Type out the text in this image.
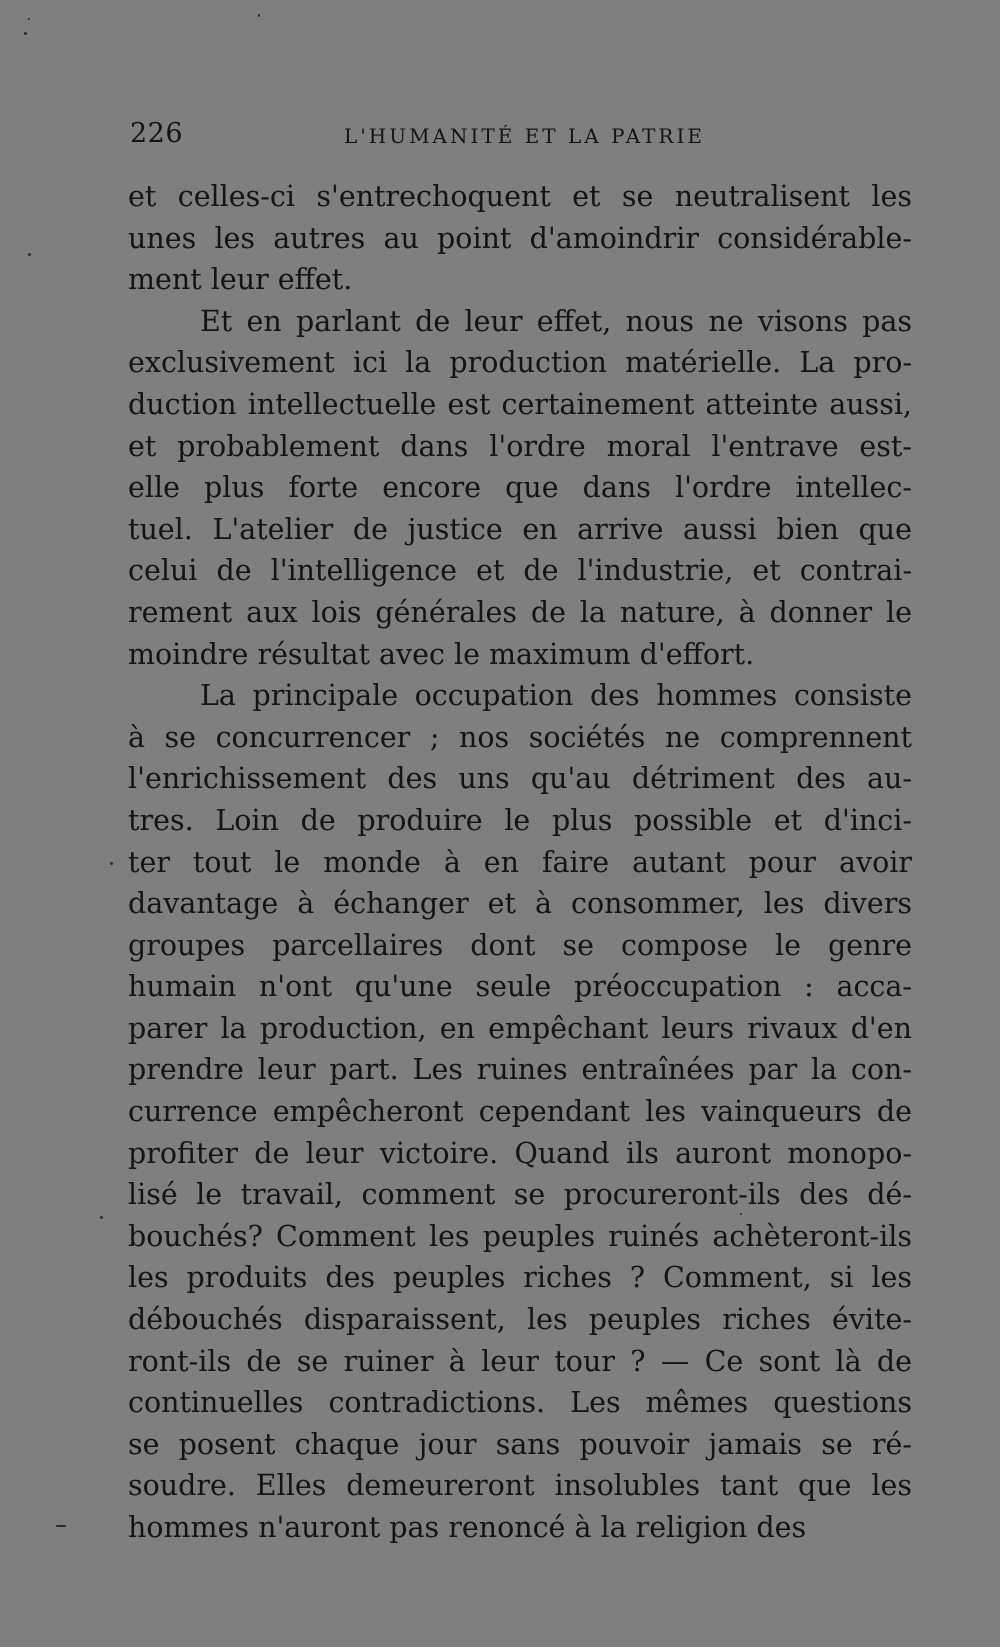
226	L'HUMANITÉ ET LA PATRIE
et celles-ci s'entrechoquent et se neutralisent les
unes les autres au point d'amoindrir considérable-
ment leur effet.
Et en parlant de leur effet, nous ne visons pas
exclusivement ici la production matérielle. La pro-
duction intellectuelle est certainement atteinte aussi,
et probablement dans l'ordre moral l'entrave est-
elle plus forte encore que dans l'ordre intellec-
tuel. L'atelier de justice en arrive aussi bien que
celui de l'intelligence et de l'industrie, et contrai-
rement aux lois générales de la nature, à donner le
moindre résultat avec le maximum d'effort.
La principale occupation des hommes consiste
à se concurrencer ; nos sociétés ne comprennent
l'enrichissement des uns qu'au détriment des au-
tres. Loin de produire le plus possible et d'inci-
ter tout le monde à en faire autant pour avoir
davantage à échanger et à consommer, les divers
groupes parcellaires dont se compose le genre
humain n'ont qu'une seule préoccupation : acca-
parer la production, en empêchant leurs rivaux d'en
prendre leur part. Les ruines entraînées par la con-
currence empêcheront cependant les vainqueurs de
profiter de leur victoire. Quand ils auront monopo-
lisé le travail, comment se procureront-ils des dé-
bouchés? Comment les peuples ruinés achèteront-ils
les produits des peuples riches ? Comment, si les
débouchés disparaissent, les peuples riches évite-
ront-ils de se ruiner à leur tour ? — Ce sont là de
continuelles contradictions. Les mêmes questions
se posent chaque jour sans pouvoir jamais se ré-
soudre. Elles demeureront insolubles tant que les
hommes n'auront pas renoncé à la religion des
